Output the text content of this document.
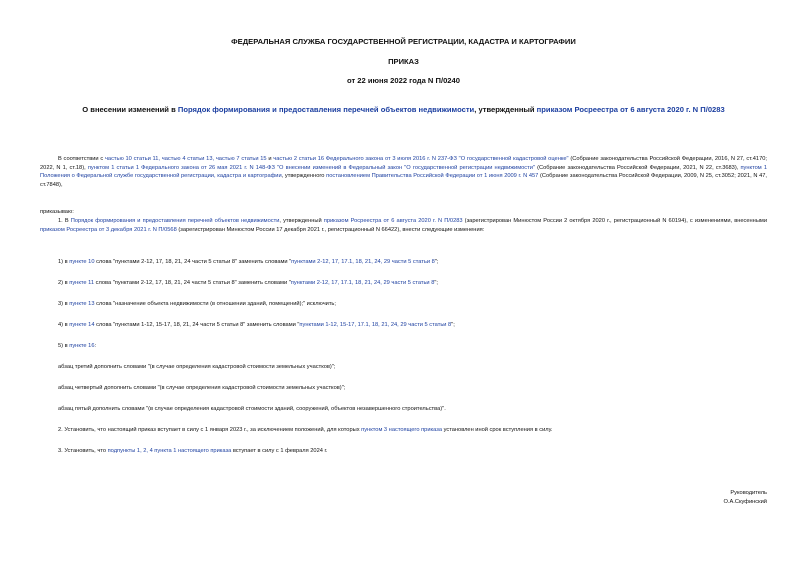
ФЕДЕРАЛЬНАЯ СЛУЖБА ГОСУДАРСТВЕННОЙ РЕГИСТРАЦИИ, КАДАСТРА И КАРТОГРАФИИ
ПРИКАЗ
от 22 июня 2022 года N П/0240
О внесении изменений в Порядок формирования и предоставления перечней объектов недвижимости, утвержденный приказом Росреестра от 6 августа 2020 г. N П/0283
В соответствии с частью 10 статьи 11, частью 4 статьи 13, частью 7 статьи 15 и частью 2 статьи 16 Федерального закона от 3 июля 2016 г. N 237-ФЗ "О государственной кадастровой оценке" (Собрание законодательства Российской Федерации, 2016, N 27, ст.4170; 2022, N 1, ст.18), пунктом 1 статьи 1 Федерального закона от 26 мая 2021 г. N 148-ФЗ "О внесении изменений в Федеральный закон "О государственной регистрации недвижимости" (Собрание законодательства Российской Федерации, 2021, N 22, ст.3683), пунктом 1 Положения о Федеральной службе государственной регистрации, кадастра и картографии, утвержденного постановлением Правительства Российской Федерации от 1 июня 2009 г. N 457 (Собрание законодательства Российской Федерации, 2009, N 25, ст.3052; 2021, N 47, ст.7848),
приказываю:
1. В Порядок формирования и предоставления перечней объектов недвижимости, утвержденный приказом Росреестра от 6 августа 2020 г. N П/0283 (зарегистрирован Минюстом России 2 октября 2020 г., регистрационный N 60194), с изменениями, внесенными приказом Росреестра от 3 декабря 2021 г. N П/0568 (зарегистрирован Минюстом России 17 декабря 2021 г., регистрационный N 66422), внести следующие изменения:
1) в пункте 10 слова "пунктами 2-12, 17, 18, 21, 24 части 5 статьи 8" заменить словами "пунктами 2-12, 17, 17.1, 18, 21, 24, 29 части 5 статьи 8";
2) в пункте 11 слова "пунктами 2-12, 17, 18, 21, 24 части 5 статьи 8" заменить словами "пунктами 2-12, 17, 17.1, 18, 21, 24, 29 части 5 статьи 8";
3) в пункте 13 слова "назначение объекта недвижимости (в отношении зданий, помещений);" исключить;
4) в пункте 14 слова "пунктами 1-12, 15-17, 18, 21, 24 части 5 статьи 8" заменить словами "пунктами 1-12, 15-17, 17.1, 18, 21, 24, 29 части 5 статьи 8";
5) в пункте 16:
абзац третий дополнить словами "(в случае определения кадастровой стоимости земельных участков)";
абзац четвертый дополнить словами "(в случае определения кадастровой стоимости земельных участков)";
абзац пятый дополнить словами "(в случае определения кадастровой стоимости зданий, сооружений, объектов незавершенного строительства)".
2. Установить, что настоящий приказ вступает в силу с 1 января 2023 г., за исключением положений, для которых пунктом 3 настоящего приказа установлен иной срок вступления в силу.
3. Установить, что подпункты 1, 2, 4 пункта 1 настоящего приказа вступает в силу с 1 февраля 2024 г.
Руководитель
О.А.Скуфинский
